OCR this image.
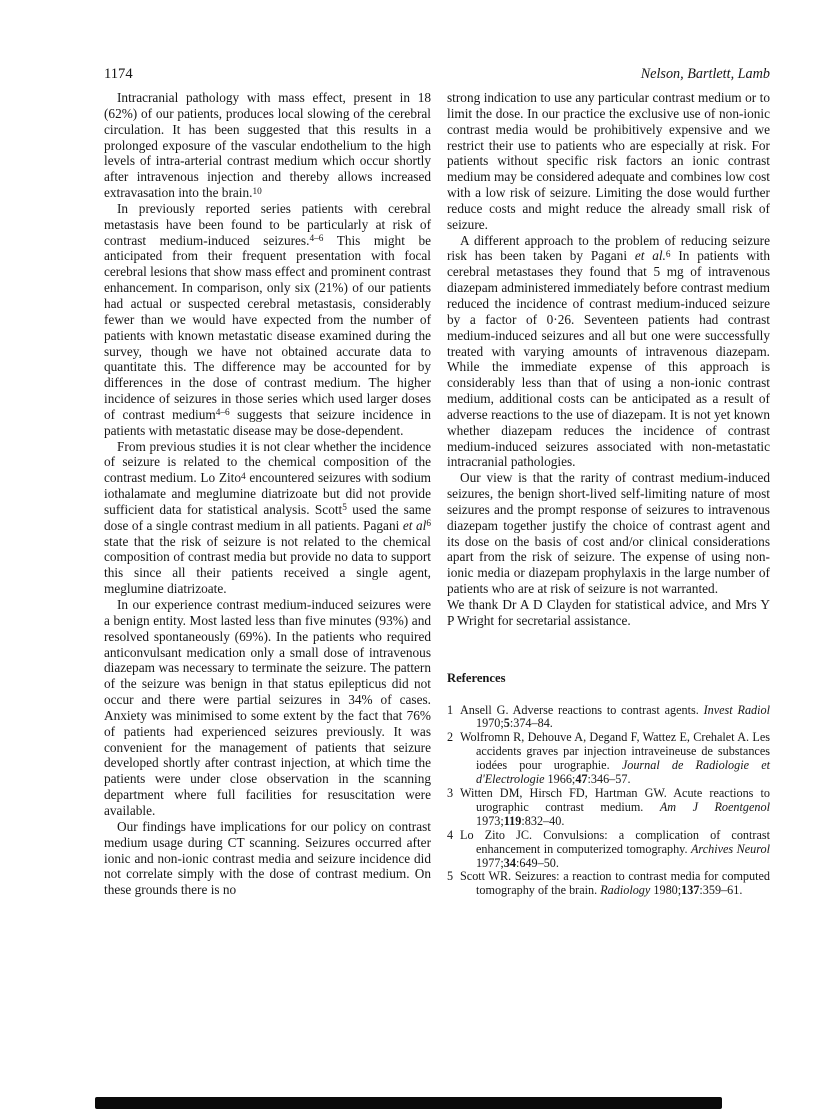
1174	Nelson, Bartlett, Lamb

Intracranial pathology with mass effect, present in 18 (62%) of our patients, produces local slowing of the cerebral circulation. It has been suggested that this results in a prolonged exposure of the vascular endothelium to the high levels of intra-arterial contrast medium which occur shortly after intravenous injection and thereby allows increased extravasation into the brain.$^{10}$

In previously reported series patients with cerebral metastasis have been found to be particularly at risk of contrast medium-induced seizures.$^{4-6}$ This might be anticipated from their frequent presentation with focal cerebral lesions that show mass effect and prominent contrast enhancement. In comparison, only six (21%) of our patients had actual or suspected cerebral metastasis, considerably fewer than we would have expected from the number of patients with known metastatic disease examined during the survey, though we have not obtained accurate data to quantitate this. The difference may be accounted for by differences in the dose of contrast medium. The higher incidence of seizures in those series which used larger doses of contrast medium$^{4-6}$ suggests that seizure incidence in patients with metastatic disease may be dose-dependent.

From previous studies it is not clear whether the incidence of seizure is related to the chemical composition of the contrast medium. Lo Zito$^4$ encountered seizures with sodium iothalamate and meglumine diatrizoate but did not provide sufficient data for statistical analysis. Scott$^5$ used the same dose of a single contrast medium in all patients. Pagani et $al^6$ state that the risk of seizure is not related to the chemical composition of contrast media but provide no data to support this since all their patients received a single agent, meglumine diatrizoate.

In our experience contrast medium-induced seizures were a benign entity. Most lasted less than five minutes (93%) and resolved spontaneously (69%). In the patients who required anticonvulsant medication only a small dose of intravenous diazepam was necessary to terminate the seizure. The pattern of the seizure was benign in that status epilepticus did not occur and there were partial seizures in 34% of cases. Anxiety was minimised to some extent by the fact that 76% of patients had experienced seizures previously. It was convenient for the management of patients that seizure developed shortly after contrast injection, at which time the patients were under close observation in the scanning department where full facilities for resuscitation were available.

Our findings have implications for our policy on contrast medium usage during CT scanning. Seizures occurred after ionic and non-ionic contrast media and seizure incidence did not correlate simply with the dose of contrast medium. On these grounds there is no

strong indication to use any particular contrast medium or to limit the dose. In our practice the exclusive use of non-ionic contrast media would be prohibitively expensive and we restrict their use to patients who are especially at risk. For patients without specific risk factors an ionic contrast medium may be considered adequate and combines low cost with a low risk of seizure. Limiting the dose would further reduce costs and might reduce the already small risk of seizure.

A different approach to the problem of reducing seizure risk has been taken by Pagani et al.$^6$ In patients with cerebral metastases they found that 5 mg of intravenous diazepam administered immediately before contrast medium reduced the incidence of contrast medium-induced seizure by a factor of 0·26. Seventeen patients had contrast medium-induced seizures and all but one were successfully treated with varying amounts of intravenous diazepam. While the immediate expense of this approach is considerably less than that of using a non-ionic contrast medium, additional costs can be anticipated as a result of adverse reactions to the use of diazepam. It is not yet known whether diazepam reduces the incidence of contrast medium-induced seizures associated with non-metastatic intracranial pathologies.

Our view is that the rarity of contrast medium-induced seizures, the benign short-lived self-limiting nature of most seizures and the prompt response of seizures to intravenous diazepam together justify the choice of contrast agent and its dose on the basis of cost and/or clinical considerations apart from the risk of seizure. The expense of using non-ionic media or diazepam prophylaxis in the large number of patients who are at risk of seizure is not warranted.

We thank Dr A D Clayden for statistical advice, and Mrs Y P Wright for secretarial assistance.

References
1 Ansell G. Adverse reactions to contrast agents. Invest Radiol 1970;5:374–84.
2 Wolfromn R, Dehouve A, Degand F, Wattez E, Crehalet A. Les accidents graves par injection intraveineuse de substances iodées pour urographie. Journal de Radiologie et d'Electrologie 1966;47:346–57.
3 Witten DM, Hirsch FD, Hartman GW. Acute reactions to urographic contrast medium. Am J Roentgenol 1973;119:832–40.
4 Lo Zito JC. Convulsions: a complication of contrast enhancement in computerized tomography. Archives Neurol 1977;34:649–50.
5 Scott WR. Seizures: a reaction to contrast media for computed tomography of the brain. Radiology 1980;137:359–61.
